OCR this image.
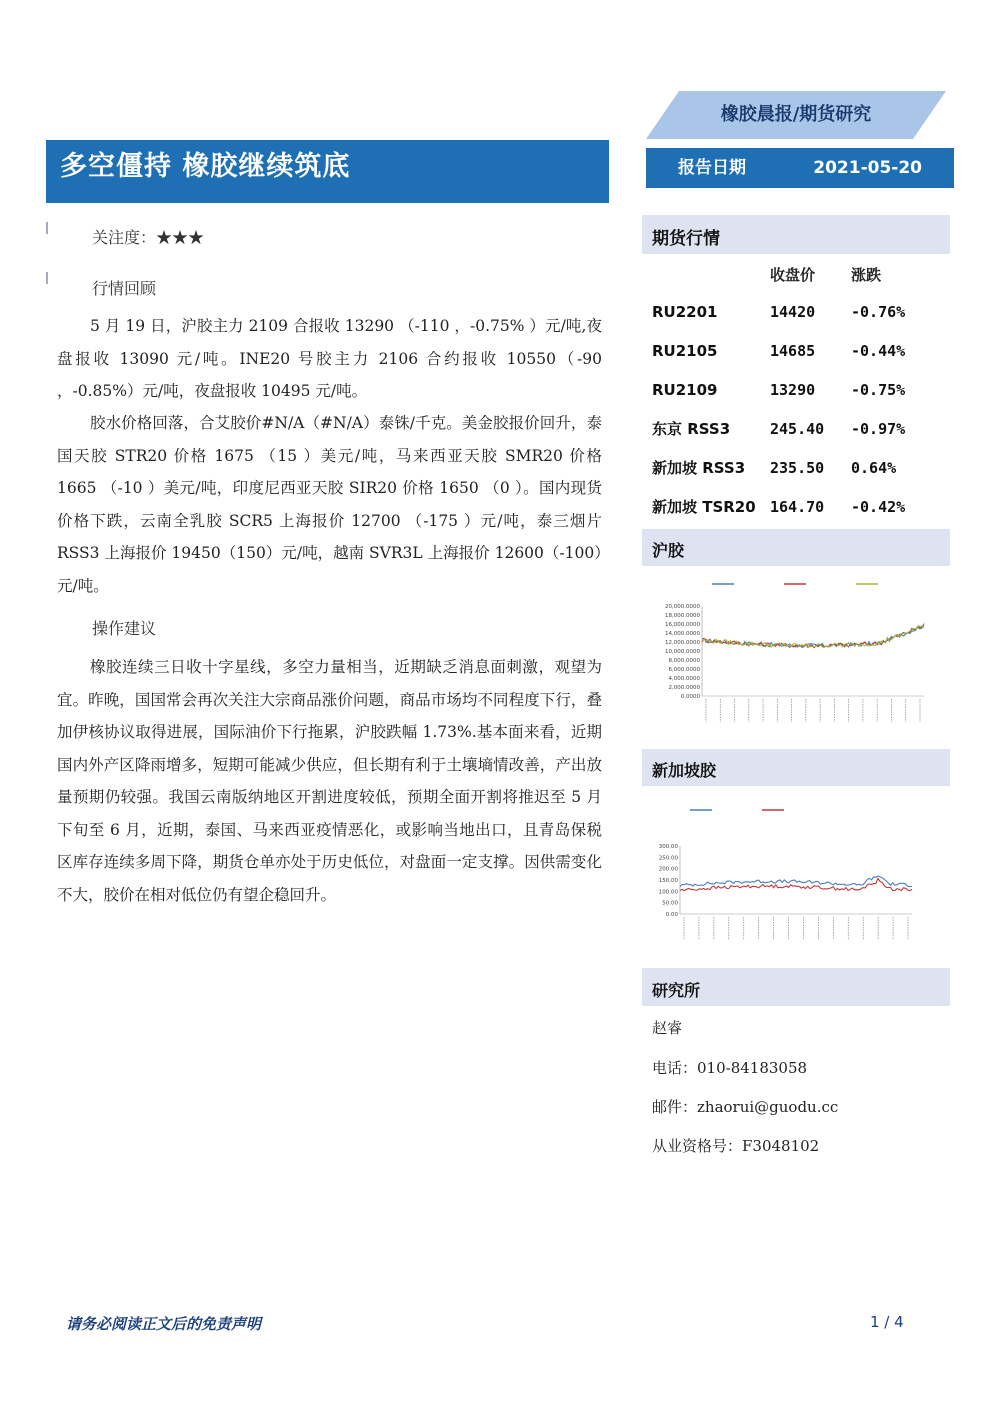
橡胶晨报/期货研究
多空僵持 橡胶继续筑底	报告日期	2021-05-20
关注度：★★★
行情回顾

5 月 19 日，沪胶主力 2109 合报收 13290 （-110 ，-0.75% ）元/吨,夜盘报收 13090 元/吨。INE20 号胶主力 2106 合约报收 10550（-90 ，-0.85%）元/吨，夜盘报收 10495 元/吨。

胶水价格回落，合艾胶价#N/A（#N/A）泰铢/千克。美金胶报价回升，泰国天胶 STR20 价格 1675 （15 ）美元/吨，马来西亚天胶 SMR20 价格 1665 （-10 ）美元/吨，印度尼西亚天胶 SIR20 价格 1650 （0 ）。国内现货价格下跌，云南全乳胶 SCR5 上海报价 12700 （-175 ）元/吨，泰三烟片 RSS3 上海报价 19450（150）元/吨，越南 SVR3L 上海报价 12600（-100）元/吨。

操作建议

橡胶连续三日收十字星线，多空力量相当，近期缺乏消息面刺激，观望为宜。昨晚，国国常会再次关注大宗商品涨价问题，商品市场均不同程度下行，叠加伊核协议取得进展，国际油价下行拖累，沪胶跌幅 1.73%.基本面来看，近期国内外产区降雨增多，短期可能减少供应，但长期有利于土壤墒情改善，产出放量预期仍较强。我国云南版纳地区开割进度较低，预期全面开割将推迟至 5 月下旬至 6 月，近期，泰国、马来西亚疫情恶化，或影响当地出口，且青岛保税区库存连续多周下降，期货仓单亦处于历史低位，对盘面一定支撑。因供需变化不大，胶价在相对低位仍有望企稳回升。

期货行情
收盘价 涨跌
RU2201	14420 -0.76%
RU2105	14685 -0.44%
RU2109	13290 -0.75%
东京 RSS3	245.40 -0.97%
新加坡 RSS3 235.50 0.64%
新加坡 TSR20 164.70 -0.42%
沪胶
20,000.0000
18,000.0000
16,000.0000
14,000.0000
12,000.0000
10,000.0000
8,000.0000
6,000.0000
4,000.0000
2,000.0000
0.0000
新加坡胶
300.00
250.00
200.00
150.00
100.00
50.00
0.00
研究所
赵睿
电话：010-84183058
邮件：zhaorui@guodu.cc
从业资格号：F3048102
请务必阅读正文后的免责声明	1 / 4
